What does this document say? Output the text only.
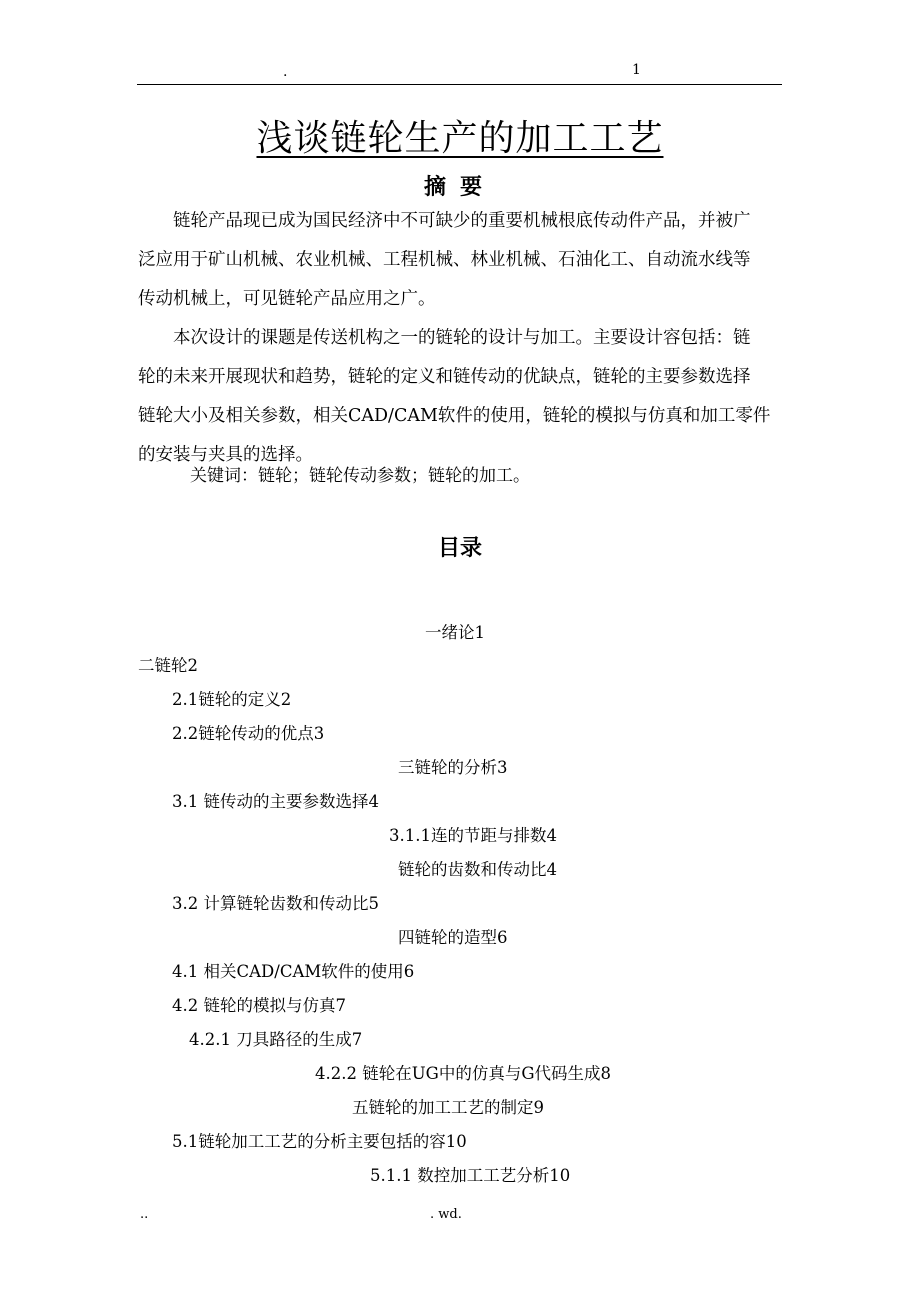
.	1
浅谈链轮生产的加工工艺
摘要
链轮产品现已成为国民经济中不可缺少的重要机械根底传动件产品，并被广
泛应用于矿山机械、农业机械、工程机械、林业机械、石油化工、自动流水线等
传动机械上，可见链轮产品应用之广。
本次设计的课题是传送机构之一的链轮的设计与加工。主要设计容包括：链
轮的未来开展现状和趋势，链轮的定义和链传动的优缺点，链轮的主要参数选择
链轮大小及相关参数，相关CAD/CAM软件的使用，链轮的模拟与仿真和加工零件
的安装与夹具的选择。
关键词：链轮；链轮传动参数；链轮的加工。
目录
一绪论1
二链轮2
2.1链轮的定义2
2.2链轮传动的优点3
三链轮的分析3
3.1 链传动的主要参数选择4
3.1.1连的节距与排数4
链轮的齿数和传动比4
3.2 计算链轮齿数和传动比5
四链轮的造型6
4.1 相关CAD/CAM软件的使用6
4.2 链轮的模拟与仿真7
4.2.1 刀具路径的生成7
4.2.2 链轮在UG中的仿真与G代码生成8
五链轮的加工工艺的制定9
5.1链轮加工工艺的分析主要包括的容10
5.1.1 数控加工工艺分析10
..	. wd.
